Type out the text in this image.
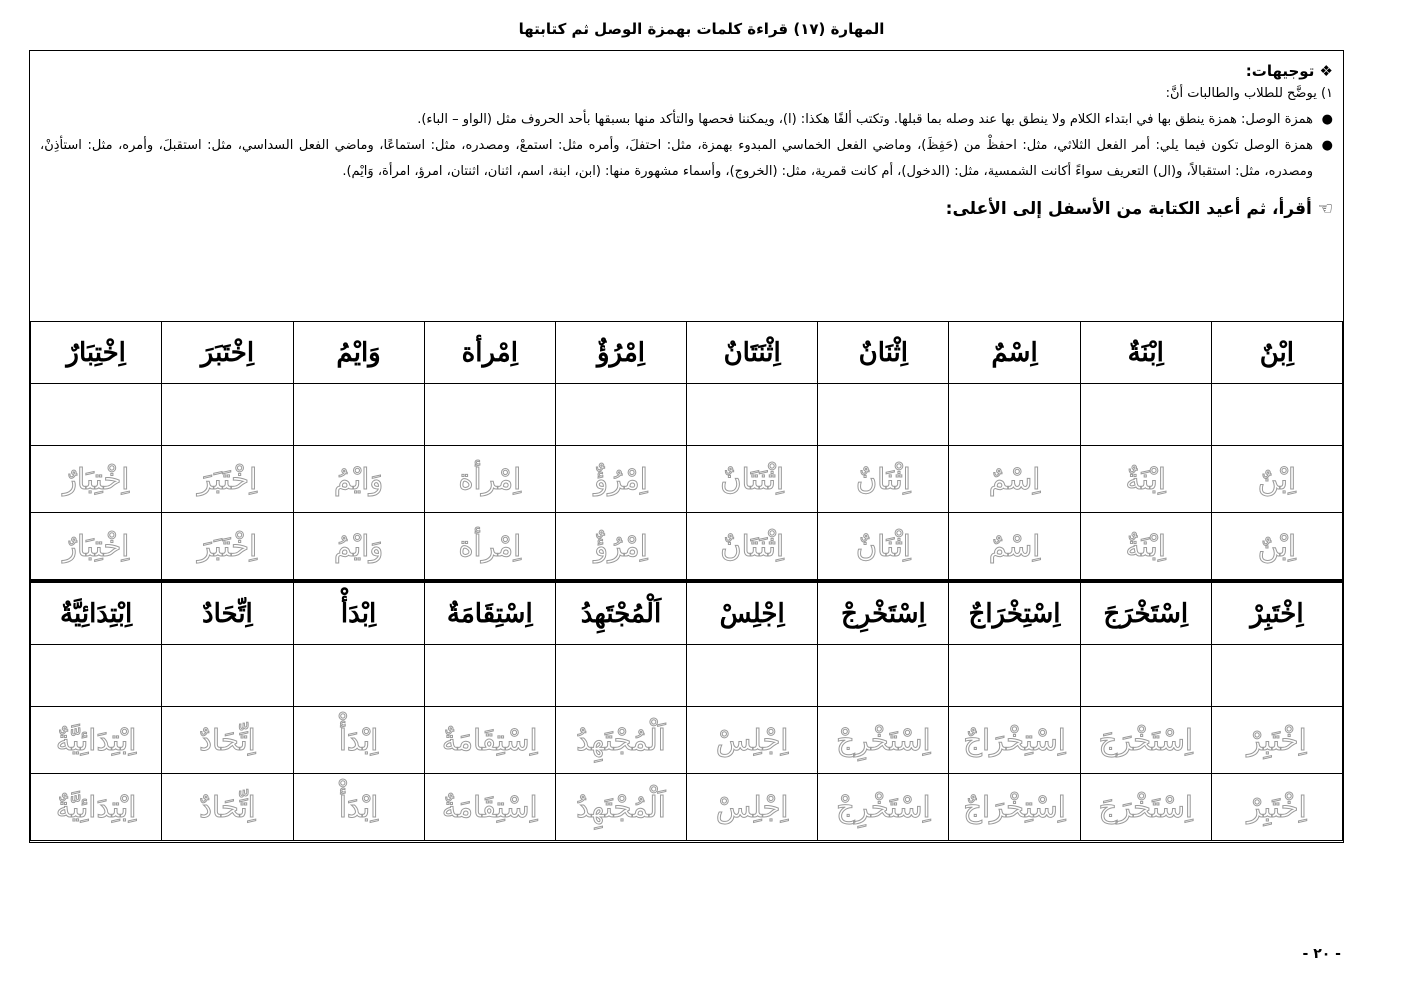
المهارة (١٧) قراءة كلمات بهمزة الوصل ثم كتابتها
❖ توجيهات:
١) يوضَّح للطلاب والطالبات أنَّ:
●
همزة الوصل: همزة ينطق بها في ابتداء الكلام ولا ينطق بها عند وصله بما قبلها. وتكتب ألفًا هكذا: (ا)، ويمكننا فحصها والتأكد منها بسبقها بأحد الحروف مثل (الواو – الباء).
●
همزة الوصل تكون فيما يلي: أمر الفعل الثلاثي، مثل: احفظْ من (حَفِظَ)، وماضي الفعل الخماسي المبدوء بهمزة، مثل: احتفلَ، وأمره مثل: استمعْ، ومصدره، مثل: استماعًا، وماضي الفعل السداسي، مثل: استقبلَ، وأمره، مثل: استأذِنْ، ومصدره، مثل: استقبالاً، و(ال) التعريف سواءً أكانت الشمسية، مثل: (الدخول)، أم كانت قمرية، مثل: (الخروج)، وأسماء مشهورة منها: (ابن، ابنة، اسم، اثنان، اثنتان، امرؤ، امرأة، وَايْم).
☜ أقرأ، ثم أعيد الكتابة من الأسفل إلى الأعلى:
اِبْنٌ	اِبْنَةٌ	اِسْمٌ	اِثْنَانٌ	اِثْنَتَانٌ	اِمْرُؤٌ	اِمْرأة	وَايْمُ	اِخْتَبَرَ	اِخْتِبَارٌ

اِبْنٌ	اِبْنَةٌ	اِسْمٌ	اِثْنَانٌ	اِثْنَتَانٌ	اِمْرُؤٌ	اِمْرأة	وَايْمُ	اِخْتَبَرَ	اِخْتِبَارٌ
اِبْنٌ	اِبْنَةٌ	اِسْمٌ	اِثْنَانٌ	اِثْنَتَانٌ	اِمْرُؤٌ	اِمْرأة	وَايْمُ	اِخْتَبَرَ	اِخْتِبَارٌ
اِخْتَبِرْ	اِسْتَخْرَجَ	اِسْتِخْرَاجٌ	اِسْتَخْرِجْ	اِجْلِسْ	اَلْمُجْتَهِدُ	اِسْتِقَامَةٌ	اِبْدَأْ	اِتِّحَادٌ	اِبْتِدَائِيَّةٌ

اِخْتَبِرْ	اِسْتَخْرَجَ	اِسْتِخْرَاجٌ	اِسْتَخْرِجْ	اِجْلِسْ	اَلْمُجْتَهِدُ	اِسْتِقَامَةٌ	اِبْدَأْ	اِتِّحَادٌ	اِبْتِدَائِيَّةٌ
اِخْتَبِرْ	اِسْتَخْرَجَ	اِسْتِخْرَاجٌ	اِسْتَخْرِجْ	اِجْلِسْ	اَلْمُجْتَهِدُ	اِسْتِقَامَةٌ	اِبْدَأْ	اِتِّحَادٌ	اِبْتِدَائِيَّةٌ
- ٢٠ -
